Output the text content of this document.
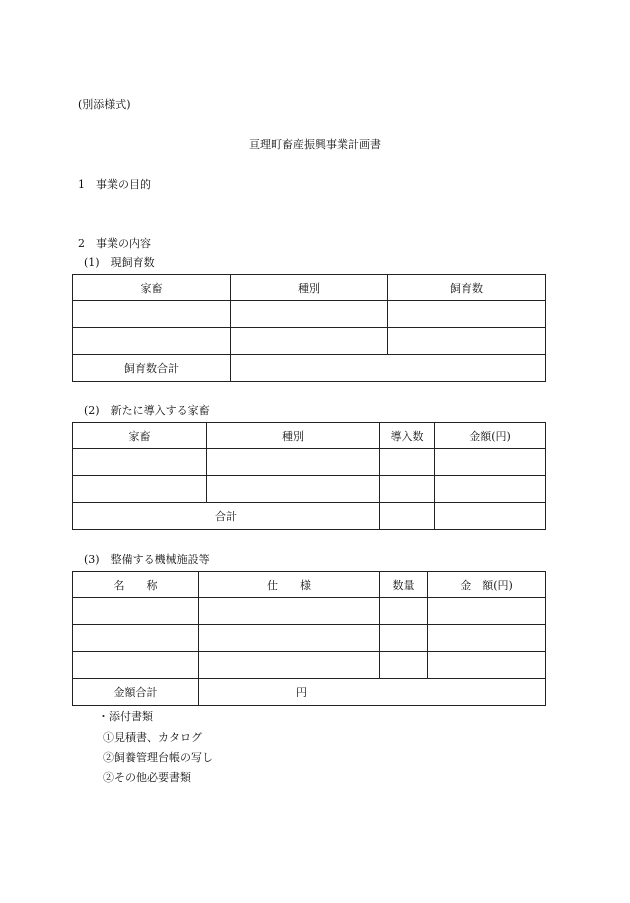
(別添様式)
亘理町畜産振興事業計画書
1　事業の目的
2　事業の内容
(1)　現飼育数
家畜	種別	飼育数

飼育数合計		
(2)　新たに導入する家畜
家畜	種別	導入数	金額(円)

合計			
(3)　整備する機械施設等
名　　称	仕　　様	数量	金　額(円)

金額合計	円		
・添付書類
①見積書、カタログ
②飼養管理台帳の写し
②その他必要書類
